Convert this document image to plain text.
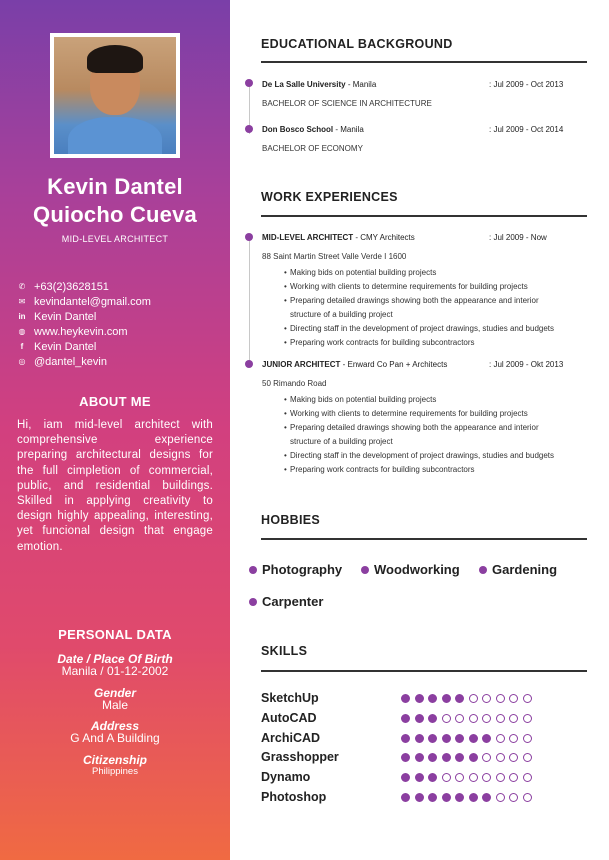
Kevin Dantel
Quiocho Cueva
MID-LEVEL ARCHITECT
✆ +63(2)3628151
✉ kevindantel@gmail.com
in Kevin Dantel
◍ www.heykevin.com
f Kevin Dantel
◎ @dantel_kevin
ABOUT ME
Hi, iam mid-level architect with comprehensive experience preparing architectural designs for the full cimpletion of commercial, public, and residential buildings. Skilled in applying creativity to design highly appealing, interesting, yet funcional design that engage emotion.
PERSONAL DATA
Date / Place Of Birth
Manila / 01-12-2002
Gender
Male
Address
G And A Building
Citizenship
Philippines
EDUCATIONAL BACKGROUND
De La Salle University - Manila	: Jul 2009 - Oct 2013
BACHELOR OF SCIENCE IN ARCHITECTURE
Don Bosco School - Manila	: Jul 2009 - Oct 2014
BACHELOR OF ECONOMY
WORK EXPERIENCES
MID-LEVEL ARCHITECT - CMY Architects	: Jul 2009 - Now
88 Saint Martin Street Valle Verde I 1600
• Making bids on potential building projects
• Working with clients to determine requirements for building projects
• Preparing detailed drawings showing both the appearance and interior
structure of a building project
• Directing staff in the development of project drawings, studies and budgets
• Preparing work contracts for building subcontractors
JUNIOR ARCHITECT - Enward Co Pan + Architects	: Jul 2009 - Okt 2013
50 Rimando Road
• Making bids on potential building projects
• Working with clients to determine requirements for building projects
• Preparing detailed drawings showing both the appearance and interior
structure of a building project
• Directing staff in the development of project drawings, studies and budgets
• Preparing work contracts for building subcontractors
HOBBIES
Photography Woodworking Gardening
Carpenter
SKILLS
SketchUp
AutoCAD
ArchiCAD
Grasshopper
Dynamo
Photoshop
